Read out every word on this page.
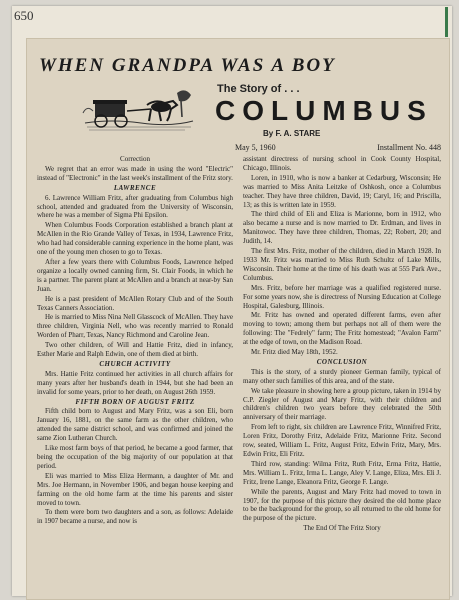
650
WHEN GRANDPA WAS A BOY
The Story of . . .
COLUMBUS
By F. A. STARE
May 5, 1960	Installment No. 448

Correction

We regret that an error was made in using the word "Electric" instead of "Electronic" in the last week's installment of the Fritz story.

LAWRENCE

6. Lawrence William Fritz, after graduating from Columbus high school, attended and graduated from the University of Wisconsin, where he was a member of Sigma Phi Epsilon.

When Columbus Foods Corporation established a branch plant at McAllen in the Rio Grande Valley of Texas, in 1934, Lawrence Fritz, who had had considerable canning experience in the home plant, was one of the young men chosen to go to Texas.

After a few years there with Columbus Foods, Lawrence helped organize a locally owned canning firm, St. Clair Foods, in which he is a partner. The parent plant at McAllen and a branch at near-by San Juan.

He is a past president of McAllen Rotary Club and of the South Texas Canners Association.

He is married to Miss Nina Nell Glasscock of McAllen. They have three children, Virginia Nell, who was recently married to Ronald Worden of Pharr, Texas, Nancy Richmond and Caroline Jean.

Two other children, of Will and Hattie Fritz, died in infancy, Esther Marie and Ralph Edwin, one of them died at birth.

CHURCH ACTIVITY

Mrs. Hattie Fritz continued her activities in all church affairs for many years after her husband's death in 1944, but she had been an invalid for some years, prior to her death, on August 26th 1959.

FIFTH BORN OF AUGUST FRITZ

Fifth child born to August and Mary Fritz, was a son Eli, born January 16, 1881, on the same farm as the other children, who attended the same district school, and was confirmed and joined the same Zion Lutheran Church.

Like most farm boys of that period, he became a good farmer, that being the occupation of the big majority of our population at that period.

Eli was married to Miss Eliza Hermann, a daughter of Mr. and Mrs. Joe Hermann, in November 1906, and began house keeping and farming on the old home farm at the time his parents and sister moved to town.

To them were born two daughters and a son, as follows: Adelaide in 1907 became a nurse, and now is

assistant directress of nursing school in Cook County Hospital, Chicago, Illinois.

Loren, in 1910, who is now a banker at Cedarburg, Wisconsin; He was married to Miss Anita Leitzke of Oshkosh, once a Columbus teacher. They have three children, David, 19; Caryl, 16; and Priscilla, 13; as this is written late in 1959.

The third child of Eli and Eliza is Marionne, born in 1912, who also became a nurse and is now married to Dr. Erdman, and lives in Manitowoc. They have three children, Thomas, 22; Robert, 20; and Judith, 14.

The first Mrs. Fritz, mother of the children, died in March 1928. In 1933 Mr. Fritz was married to Miss Ruth Schultz of Lake Mills, Wisconsin. Their home at the time of his death was at 555 Park Ave., Columbus.

Mrs. Fritz, before her marriage was a qualified registered nurse. For some years now, she is directress of Nursing Education at College Hospital, Galesburg, Illinois.

Mr. Fritz has owned and operated different farms, even after moving to town; among them but perhaps not all of them were the following: The "Fedrely" farm; The Fritz homestead; "Avalon Farm" at the edge of town, on the Madison Road.

Mr. Fritz died May 18th, 1952.

CONCLUSION

This is the story, of a sturdy pioneer German family, typical of many other such families of this area, and of the state.

We take pleasure in showing here a group picture, taken in 1914 by C.P. Ziegler of August and Mary Fritz, with their children and children's children two years before they celebrated the 50th anniversary of their marriage.

From left to right, six children are Lawrence Fritz, Winnifred Fritz, Loren Fritz, Dorothy Fritz, Adelaide Fritz, Marionne Fritz. Second row, seated, William L. Fritz, August Fritz, Edwin Fritz, Mary, Mrs. Edwin Fritz, Eli Fritz.

Third row, standing: Wilma Fritz, Ruth Fritz, Erma Fritz, Hattie, Mrs. William L. Fritz, Irma L. Lange, Aley V. Lange, Eliza, Mrs. Eli J. Fritz, Irene Lange, Eleanora Fritz, George F. Lange.

While the parents, August and Mary Fritz had moved to town in 1907, for the purpose of this picture they desired the old home place to be the background for the group, so all returned to the old home for the purpose of the picture.

The End Of The Fritz Story
